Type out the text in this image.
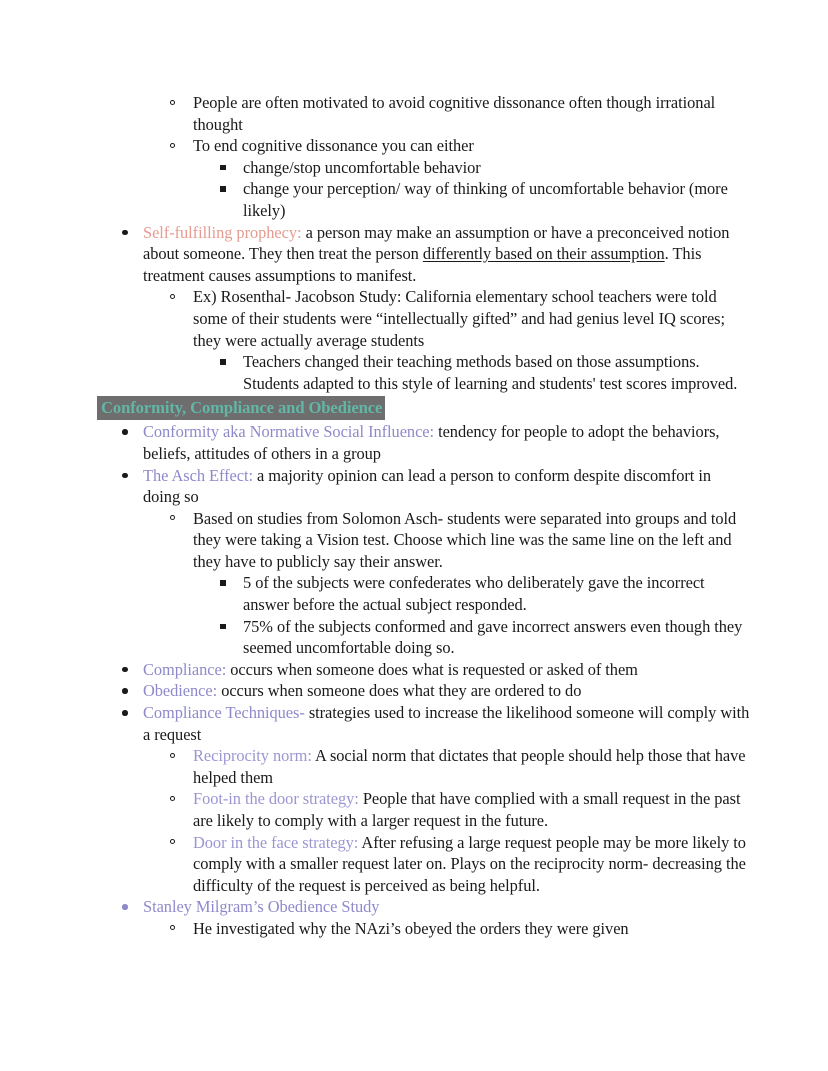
People are often motivated to avoid cognitive dissonance often though irrational thought
To end cognitive dissonance you can either
change/stop uncomfortable behavior
change your perception/ way of thinking of uncomfortable behavior (more likely)
Self-fulfilling prophecy: a person may make an assumption or have a preconceived notion about someone. They then treat the person differently based on their assumption. This treatment causes assumptions to manifest.
Ex) Rosenthal- Jacobson Study: California elementary school teachers were told some of their students were “intellectually gifted” and had genius level IQ scores; they were actually average students
Teachers changed their teaching methods based on those assumptions. Students adapted to this style of learning and students' test scores improved.
Conformity, Compliance and Obedience
Conformity aka Normative Social Influence: tendency for people to adopt the behaviors, beliefs, attitudes of others in a group
The Asch Effect: a majority opinion can lead a person to conform despite discomfort in doing so
Based on studies from Solomon Asch- students were separated into groups and told they were taking a Vision test. Choose which line was the same line on the left and they have to publicly say their answer.
5 of the subjects were confederates who deliberately gave the incorrect answer before the actual subject responded.
75% of the subjects conformed and gave incorrect answers even though they seemed uncomfortable doing so.
Compliance: occurs when someone does what is requested or asked of them
Obedience: occurs when someone does what they are ordered to do
Compliance Techniques- strategies used to increase the likelihood someone will comply with a request
Reciprocity norm: A social norm that dictates that people should help those that have helped them
Foot-in the door strategy: People that have complied with a small request in the past are likely to comply with a larger request in the future.
Door in the face strategy: After refusing a large request people may be more likely to comply with a smaller request later on. Plays on the reciprocity norm- decreasing the difficulty of the request is perceived as being helpful.
Stanley Milgram’s Obedience Study
He investigated why the NAzi’s obeyed the orders they were given
